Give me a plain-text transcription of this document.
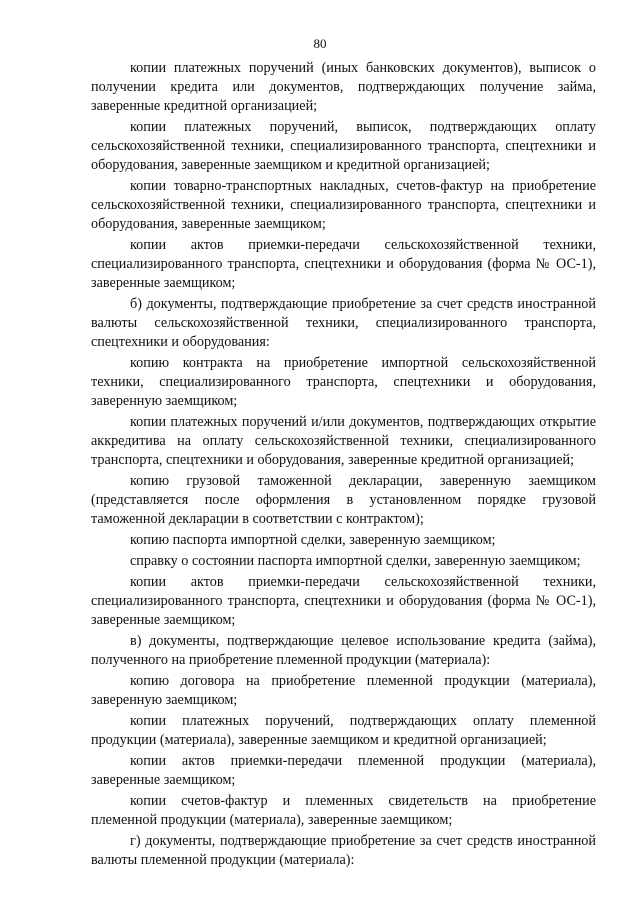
80

копии платежных поручений (иных банковских документов), выписок о получении кредита или документов, подтверждающих получение займа, заверенные кредитной организацией;

копии платежных поручений, выписок, подтверждающих оплату сельскохозяйственной техники, специализированного транспорта, спецтехники и оборудования, заверенные заемщиком и кредитной организацией;

копии товарно-транспортных накладных, счетов-фактур на приобретение сельскохозяйственной техники, специализированного транспорта, спецтехники и оборудования, заверенные заемщиком;

копии актов приемки-передачи сельскохозяйственной техники, специализированного транспорта, спецтехники и оборудования (форма № ОС-1), заверенные заемщиком;

б) документы, подтверждающие приобретение за счет средств иностранной валюты сельскохозяйственной техники, специализированного транспорта, спецтехники и оборудования:

копию контракта на приобретение импортной сельскохозяйственной техники, специализированного транспорта, спецтехники и оборудования, заверенную заемщиком;

копии платежных поручений и/или документов, подтверждающих открытие аккредитива на оплату сельскохозяйственной техники, специализированного транспорта, спецтехники и оборудования, заверенные кредитной организацией;

копию грузовой таможенной декларации, заверенную заемщиком (представляется после оформления в установленном порядке грузовой таможенной декларации в соответствии с контрактом);

копию паспорта импортной сделки, заверенную заемщиком;

справку о состоянии паспорта импортной сделки, заверенную заемщиком;

копии актов приемки-передачи сельскохозяйственной техники, специализированного транспорта, спецтехники и оборудования (форма № ОС-1), заверенные заемщиком;

в) документы, подтверждающие целевое использование кредита (займа), полученного на приобретение племенной продукции (материала):

копию договора на приобретение племенной продукции (материала), заверенную заемщиком;

копии платежных поручений, подтверждающих оплату племенной продукции (материала), заверенные заемщиком и кредитной организацией;

копии актов приемки-передачи племенной продукции (материала), заверенные заемщиком;

копии счетов-фактур и племенных свидетельств на приобретение племенной продукции (материала), заверенные заемщиком;

г) документы, подтверждающие приобретение за счет средств иностранной валюты племенной продукции (материала):
